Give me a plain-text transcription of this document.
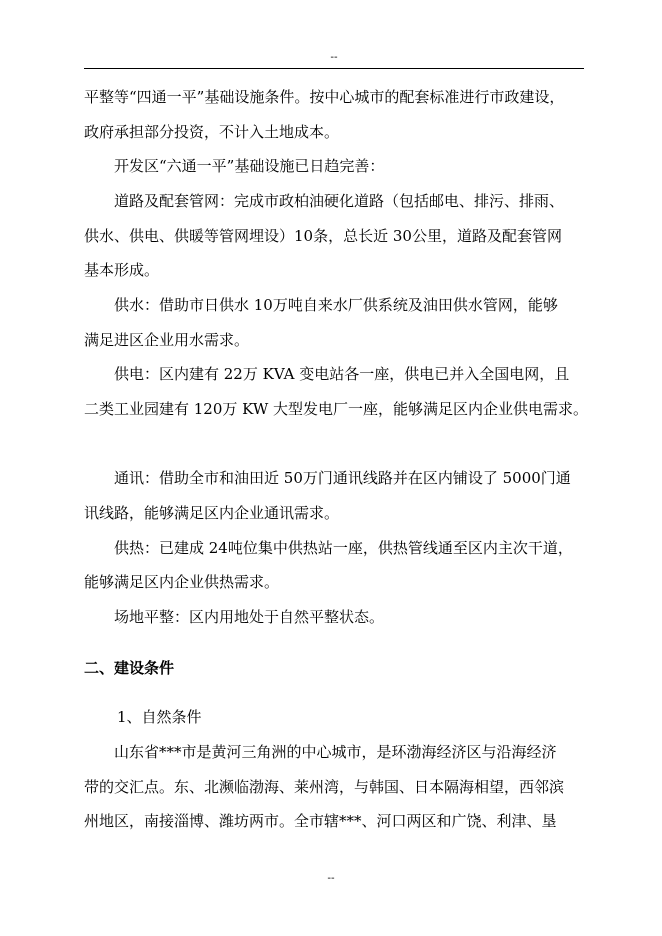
--
平整等“四通一平”基础设施条件。按中心城市的配套标准进行市政建设，
政府承担部分投资，不计入土地成本。
开发区“六通一平”基础设施已日趋完善：
道路及配套管网：完成市政柏油硬化道路（包括邮电、排污、排雨、
供水、供电、供暖等管网埋设）10条，总长近 30公里，道路及配套管网
基本形成。
供水：借助市日供水 10万吨自来水厂供系统及油田供水管网，能够
满足进区企业用水需求。
供电：区内建有 22万 KVA 变电站各一座，供电已并入全国电网，且
二类工业园建有 120万 KW 大型发电厂一座，能够满足区内企业供电需求。
通讯：借助全市和油田近 50万门通讯线路并在区内铺设了 5000门通
讯线路，能够满足区内企业通讯需求。
供热：已建成 24吨位集中供热站一座，供热管线通至区内主次干道，
能够满足区内企业供热需求。
场地平整：区内用地处于自然平整状态。
二、建设条件
1、自然条件
山东省***市是黄河三角洲的中心城市，是环渤海经济区与沿海经济
带的交汇点。东、北濒临渤海、莱州湾，与韩国、日本隔海相望，西邻滨
州地区，南接淄博、潍坊两市。全市辖***、河口两区和广饶、利津、垦
--
